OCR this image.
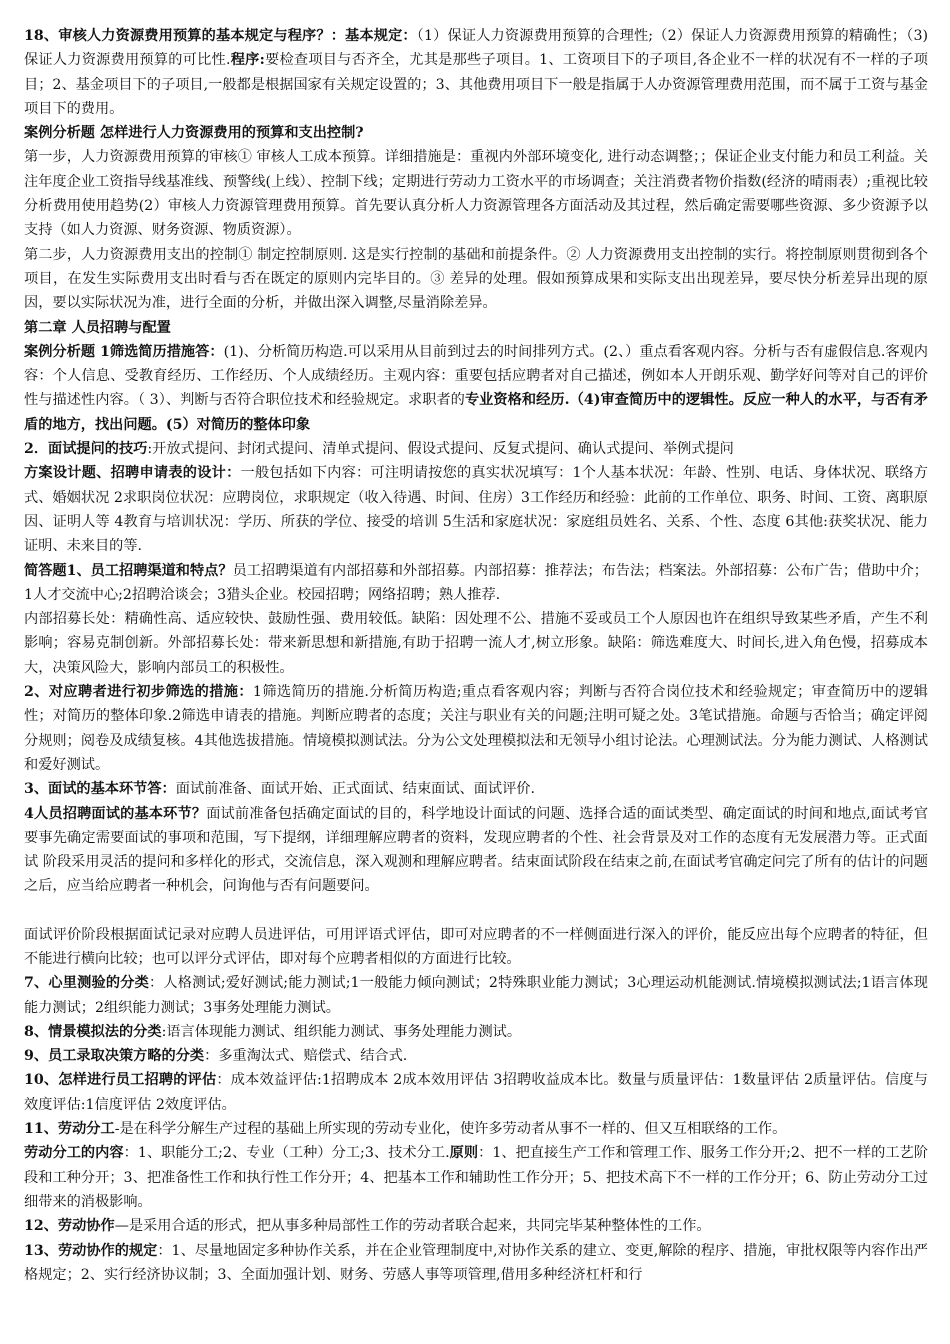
18、审核人力资源费用预算的基本规定与程序？：基本规定：（1）保证人力资源费用预算的合理性;（2）保证人力资源费用预算的精确性；（3)保证人力资源费用预算的可比性.程序:要检查项目与否齐全，尤其是那些子项目。1、工资项目下的子项目,各企业不一样的状况有不一样的子项目；2、基金项目下的子项目,一般都是根据国家有关规定设置的；3、其他费用项目下一般是指属于人办资源管理费用范围，而不属于工资与基金项目下的费用。

案例分析题 怎样进行人力资源费用的预算和支出控制?

第一步，人力资源费用预算的审核① 审核人工成本预算。详细措施是：重视内外部环境变化, 进行动态调整；；保证企业支付能力和员工利益。关注年度企业工资指导线基准线、预警线(上线）、控制下线；定期进行劳动力工资水平的市场调查；关注消费者物价指数(经济的晴雨表）;重视比较分析费用使用趋势(2）审核人力资源管理费用预算。首先要认真分析人力资源管理各方面活动及其过程，然后确定需要哪些资源、多少资源予以支持（如人力资源、财务资源、物质资源）。

第二步，人力资源费用支出的控制① 制定控制原则. 这是实行控制的基础和前提条件。② 人力资源费用支出控制的实行。将控制原则贯彻到各个项目，在发生实际费用支出时看与否在既定的原则内完毕目的。③ 差异的处理。假如预算成果和实际支出出现差异，要尽快分析差异出现的原因，要以实际状况为准，进行全面的分析，并做出深入调整,尽量消除差异。

第二章 人员招聘与配置

案例分析题 1筛选简历措施答：(1)、分析简历构造.可以采用从目前到过去的时间排列方式。(2、）重点看客观内容。分析与否有虚假信息.客观内容：个人信息、受教育经历、工作经历、个人成绩经历。主观内容：重要包括应聘者对自己描述，例如本人开朗乐观、勤学好问等对自己的评价性与描述性内容。（ 3）、判断与否符合职位技术和经验规定。求职者的专业资格和经历.（4)审查简历中的逻辑性。反应一种人的水平，与否有矛盾的地方，找出问题。(5）对简历的整体印象

2．面试提问的技巧:开放式提问、封闭式提问、清单式提问、假设式提问、反复式提问、确认式提问、举例式提问

方案设计题、招聘申请表的设计：一般包括如下内容：可注明请按您的真实状况填写：1个人基本状况：年龄、性别、电话、身体状况、联络方式、婚姻状况 2求职岗位状况：应聘岗位，求职规定（收入待遇、时间、住房）3工作经历和经验：此前的工作单位、职务、时间、工资、离职原因、证明人等 4教育与培训状况：学历、所获的学位、接受的培训 5生活和家庭状况：家庭组员姓名、关系、个性、态度 6其他:获奖状况、能力证明、未来目的等.

简答题1、员工招聘渠道和特点？员工招聘渠道有内部招募和外部招募。内部招募：推荐法；布告法；档案法。外部招募：公布广告；借助中介；1人才交流中心;2招聘洽谈会；3猎头企业。校园招聘；网络招聘；熟人推荐.

内部招募长处：精确性高、适应较快、鼓励性强、费用较低。缺陷：因处理不公、措施不妥或员工个人原因也许在组织导致某些矛盾，产生不利影响；容易克制创新。外部招募长处：带来新思想和新措施,有助于招聘一流人才,树立形象。缺陷：筛选难度大、时间长,进入角色慢，招募成本大，决策风险大，影响内部员工的积极性。

2、对应聘者进行初步筛选的措施：1筛选简历的措施.分析简历构造;重点看客观内容；判断与否符合岗位技术和经验规定；审查简历中的逻辑性；对简历的整体印象.2筛选申请表的措施。判断应聘者的态度；关注与职业有关的问题;注明可疑之处。3笔试措施。命题与否恰当；确定评阅分规则；阅卷及成绩复核。4其他选拔措施。情境模拟测试法。分为公文处理模拟法和无领导小组讨论法。心理测试法。分为能力测试、人格测试和爱好测试。

3、面试的基本环节答：面试前准备、面试开始、正式面试、结束面试、面试评价.

4人员招聘面试的基本环节？面试前准备包括确定面试的目的，科学地设计面试的问题、选择合适的面试类型、确定面试的时间和地点,面试考官要事先确定需要面试的事项和范围，写下提纲，详细理解应聘者的资料，发现应聘者的个性、社会背景及对工作的态度有无发展潜力等。正式面试 阶段采用灵活的提问和多样化的形式，交流信息，深入观测和理解应聘者。结束面试阶段在结束之前,在面试考官确定问完了所有的估计的问题之后，应当给应聘者一种机会，问询他与否有问题要问。

面试评价阶段根据面试记录对应聘人员进评估，可用评语式评估，即可对应聘者的不一样侧面进行深入的评价，能反应出每个应聘者的特征，但不能进行横向比较；也可以评分式评估，即对每个应聘者相似的方面进行比较。

7、心里测验的分类：人格测试;爱好测试;能力测试;1一般能力倾向测试；2特殊职业能力测试；3心理运动机能测试.情境模拟测试法;1语言体现能力测试；2组织能力测试；3事务处理能力测试。

8、情景模拟法的分类:语言体现能力测试、组织能力测试、事务处理能力测试。

9、员工录取决策方略的分类：多重淘汰式、赔偿式、结合式.

10、怎样进行员工招聘的评估：成本效益评估:1招聘成本 2成本效用评估 3招聘收益成本比。数量与质量评估：1数量评估 2质量评估。信度与效度评估:1信度评估 2效度评估。

11、劳动分工-是在科学分解生产过程的基础上所实现的劳动专业化，使许多劳动者从事不一样的、但又互相联络的工作。

劳动分工的内容：1、职能分工;2、专业（工种）分工;3、技术分工.原则：1、把直接生产工作和管理工作、服务工作分开;2、把不一样的工艺阶段和工种分开；3、把准备性工作和执行性工作分开；4、把基本工作和辅助性工作分开；5、把技术高下不一样的工作分开；6、防止劳动分工过细带来的消极影响。

12、劳动协作—是采用合适的形式，把从事多种局部性工作的劳动者联合起来，共同完毕某种整体性的工作。

13、劳动协作的规定：1、尽量地固定多种协作关系，并在企业管理制度中,对协作关系的建立、变更,解除的程序、措施，审批权限等内容作出严格规定；2、实行经济协议制；3、全面加强计划、财务、劳感人事等项管理,借用多种经济杠杆和行
